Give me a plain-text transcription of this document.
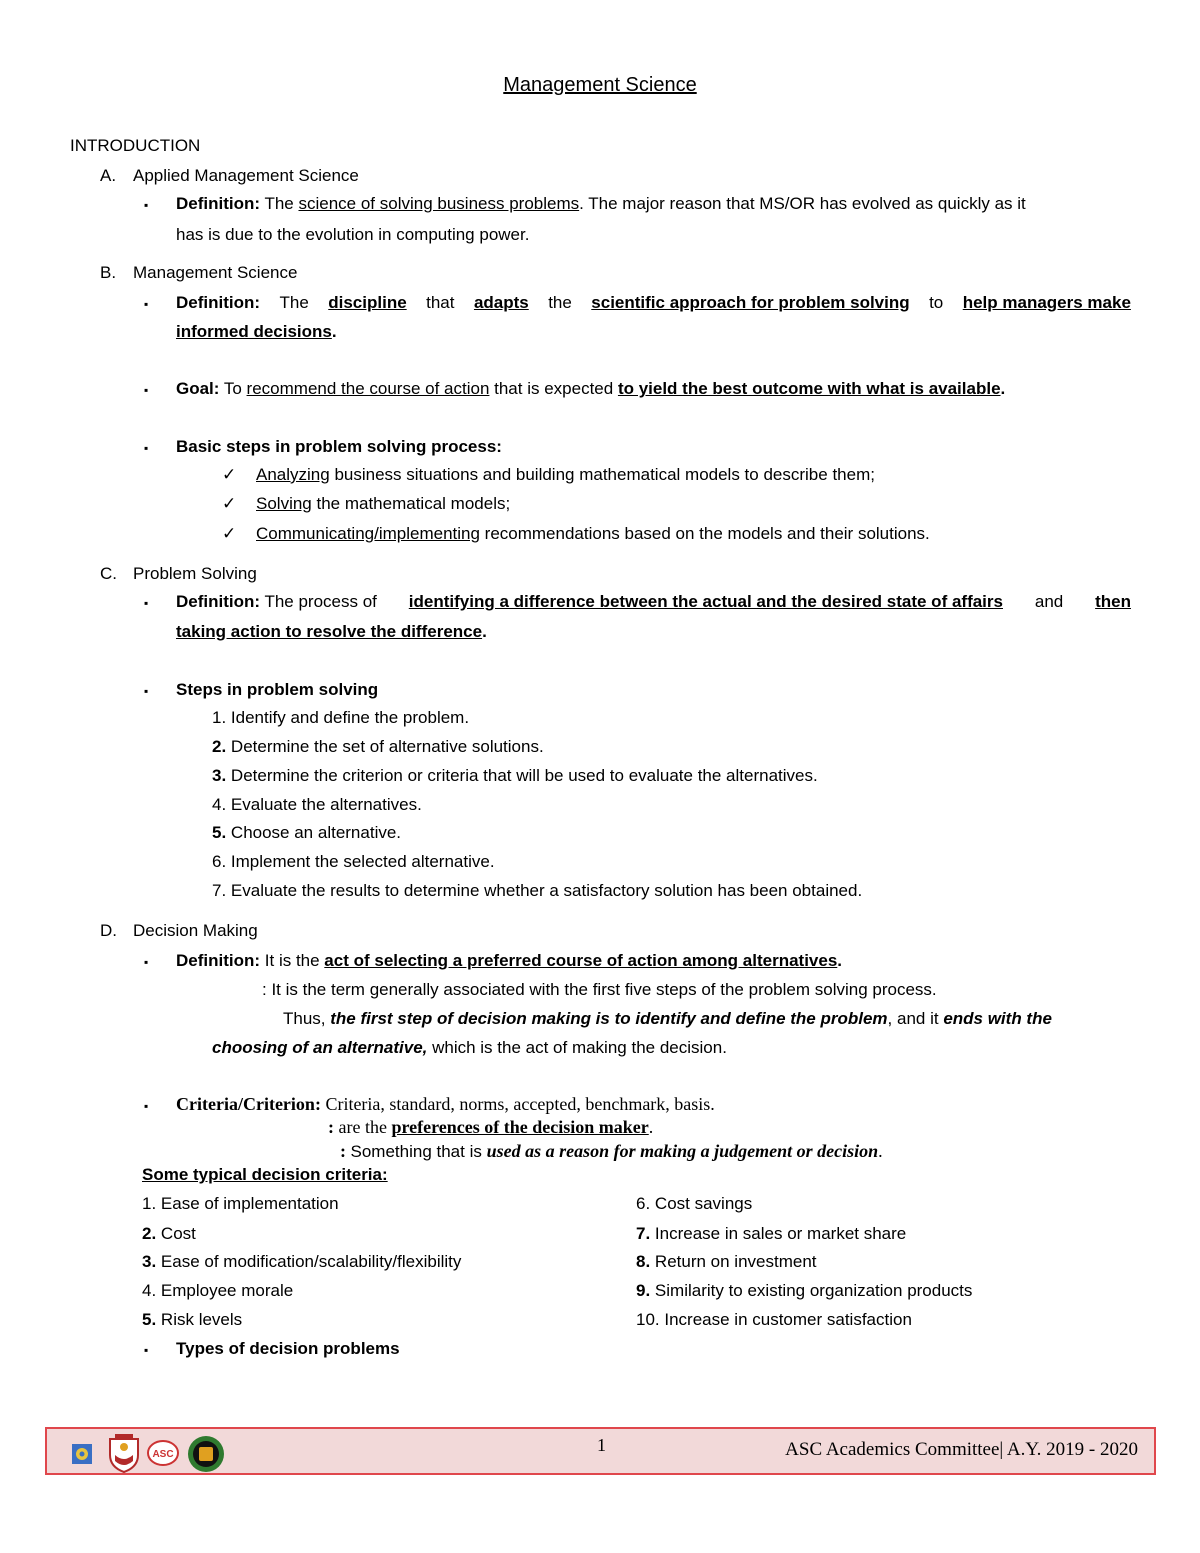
Management Science
INTRODUCTION
A. Applied Management Science
▪ Definition: The science of solving business problems. The major reason that MS/OR has evolved as quickly as it
has is due to the evolution in computing power.
B. Management Science
▪ Definition: The discipline that adapts the scientific approach for problem solving to help managers make
informed decisions.
▪ Goal: To recommend the course of action that is expected to yield the best outcome with what is available.
▪ Basic steps in problem solving process:
✓ Analyzing business situations and building mathematical models to describe them;
✓ Solving the mathematical models;
✓ Communicating/implementing recommendations based on the models and their solutions.
C. Problem Solving
▪ Definition: The process of identifying a difference between the actual and the desired state of affairs and then
taking action to resolve the difference.
▪ Steps in problem solving
1. Identify and define the problem.
2. Determine the set of alternative solutions.
3. Determine the criterion or criteria that will be used to evaluate the alternatives.
4. Evaluate the alternatives.
5. Choose an alternative.
6. Implement the selected alternative.
7. Evaluate the results to determine whether a satisfactory solution has been obtained.
D. Decision Making
▪ Definition: It is the act of selecting a preferred course of action among alternatives.
: It is the term generally associated with the first five steps of the problem solving process.
Thus, the first step of decision making is to identify and define the problem, and it ends with the
choosing of an alternative, which is the act of making the decision.
▪ Criteria/Criterion: Criteria, standard, norms, accepted, benchmark, basis.
: are the preferences of the decision maker.
: Something that is used as a reason for making a judgement or decision.
Some typical decision criteria:
1. Ease of implementation
2. Cost
3. Ease of modification/scalability/flexibility
4. Employee morale
5. Risk levels
6. Cost savings
7. Increase in sales or market share
8. Return on investment
9. Similarity to existing organization products
10. Increase in customer satisfaction
▪ Types of decision problems
ASC	1	ASC Academics Committee| A.Y. 2019 - 2020
